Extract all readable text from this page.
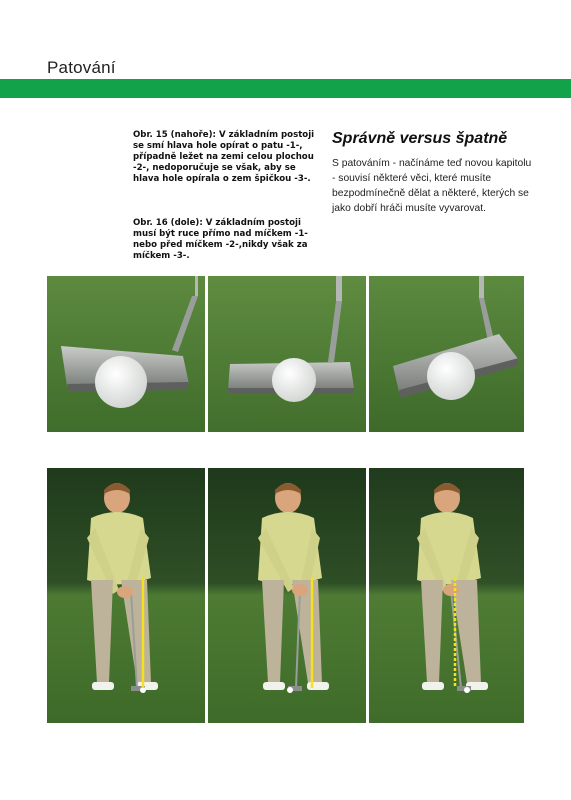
Patování
Obr. 15 (nahoře): V základním postoji se smí hlava hole opírat o patu -1-, případně ležet na zemi celou plochou -2-, nedoporučuje se však, aby se hlava hole opírala o zem špičkou -3-.
Obr. 16 (dole): V základním postoji musí být ruce přímo nad míčkem -1- nebo před míčkem -2-,nikdy však za míčkem -3-.
Správně versus špatně
S patováním - načínáme teď novou kapitolu - souvisí některé věci, které musíte bezpodmínečně dělat a některé, kterých se jako dobří hráči musíte vyvarovat.
